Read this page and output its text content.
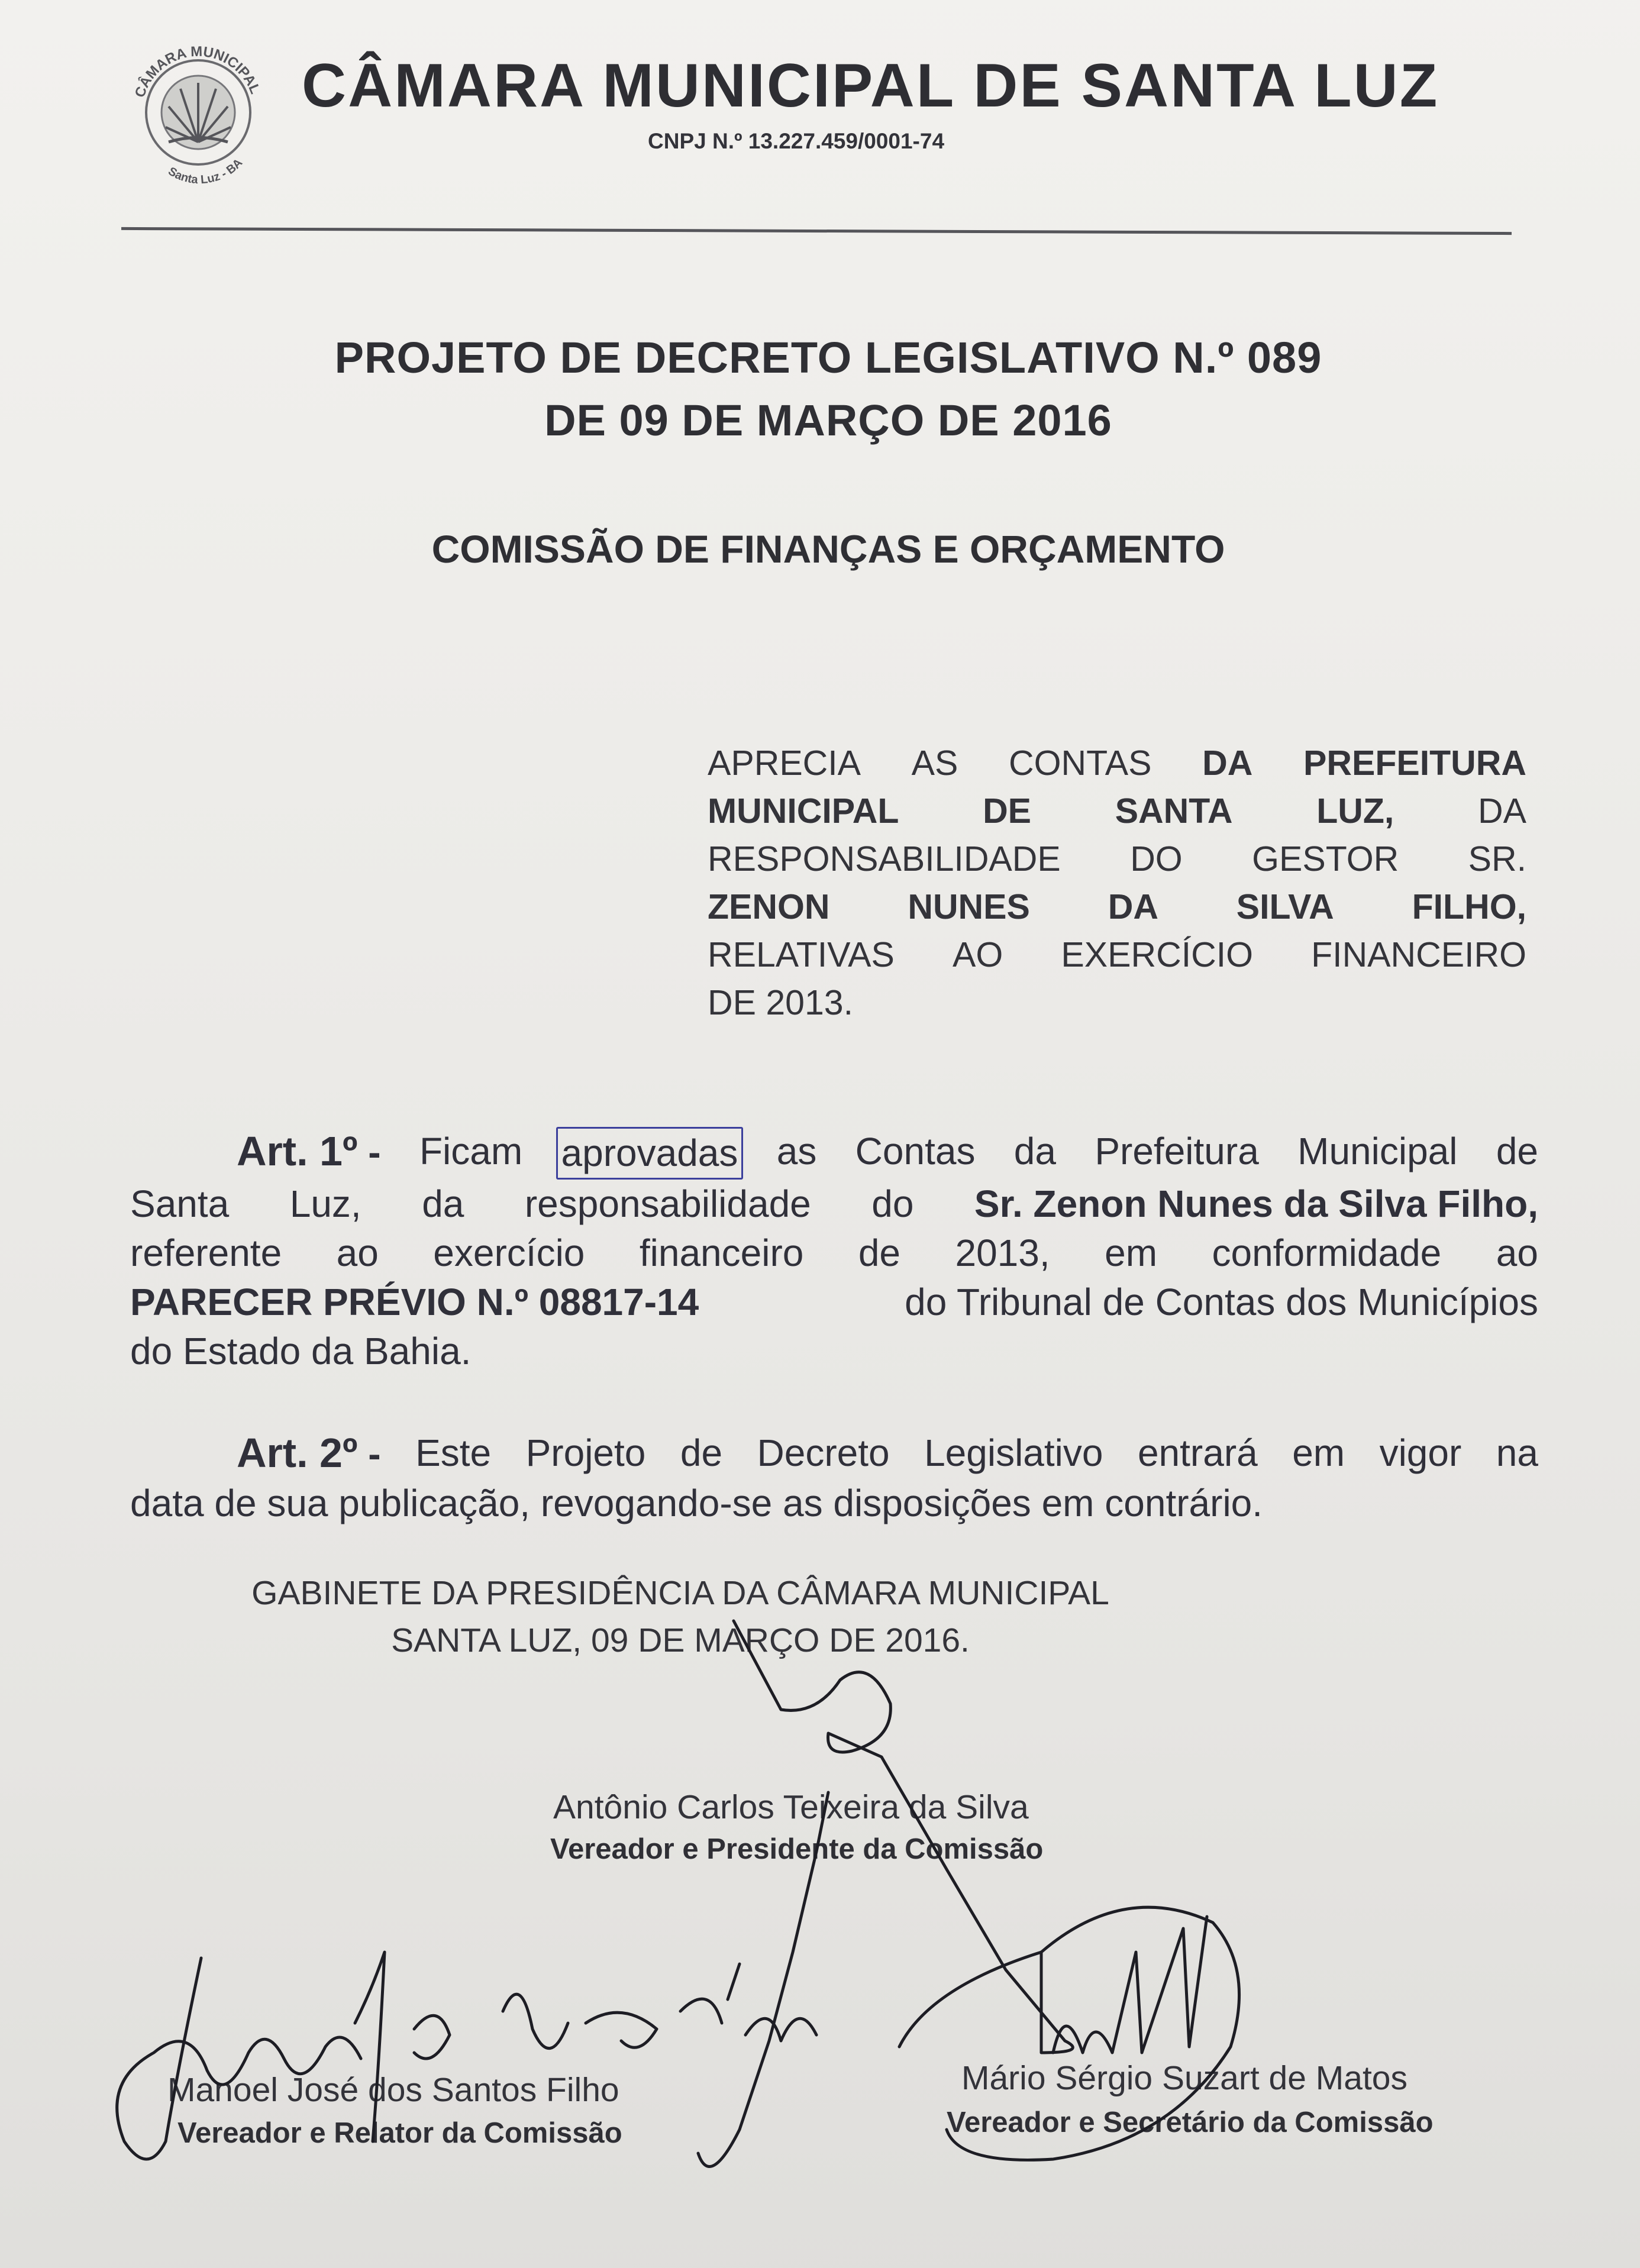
CÂMARA MUNICIPAL
Santa Luz - BA
CÂMARA MUNICIPAL DE SANTA LUZ
CNPJ N.º 13.227.459/0001-74
PROJETO DE DECRETO LEGISLATIVO N.º 089
DE 09 DE MARÇO DE 2016
COMISSÃO DE FINANÇAS E ORÇAMENTO
APRECIA AS CONTAS DA PREFEITURA
MUNICIPAL DE SANTA LUZ, DA
RESPONSABILIDADE DO GESTOR SR.
ZENON NUNES DA SILVA FILHO,
RELATIVAS AO EXERCÍCIO FINANCEIRO
DE 2013.
Art. 1º - Ficam aprovadas as Contas da Prefeitura Municipal de
Santa Luz, da responsabilidade do Sr. Zenon Nunes da Silva Filho,
referente ao exercício financeiro de 2013, em conformidade ao
PARECER PRÉVIO N.º 08817-14	do Tribunal de Contas dos Municípios
do Estado da Bahia.
Art. 2º - Este Projeto de Decreto Legislativo entrará em vigor na
data de sua publicação, revogando-se as disposições em contrário.
GABINETE DA PRESIDÊNCIA DA CÂMARA MUNICIPAL
SANTA LUZ, 09 DE MARÇO DE 2016.
Antônio Carlos Teixeira da Silva
Vereador e Presidente da Comissão
Manoel José dos Santos Filho
Vereador e Relator da Comissão
Mário Sérgio Suzart de Matos
Vereador e Secretário da Comissão
